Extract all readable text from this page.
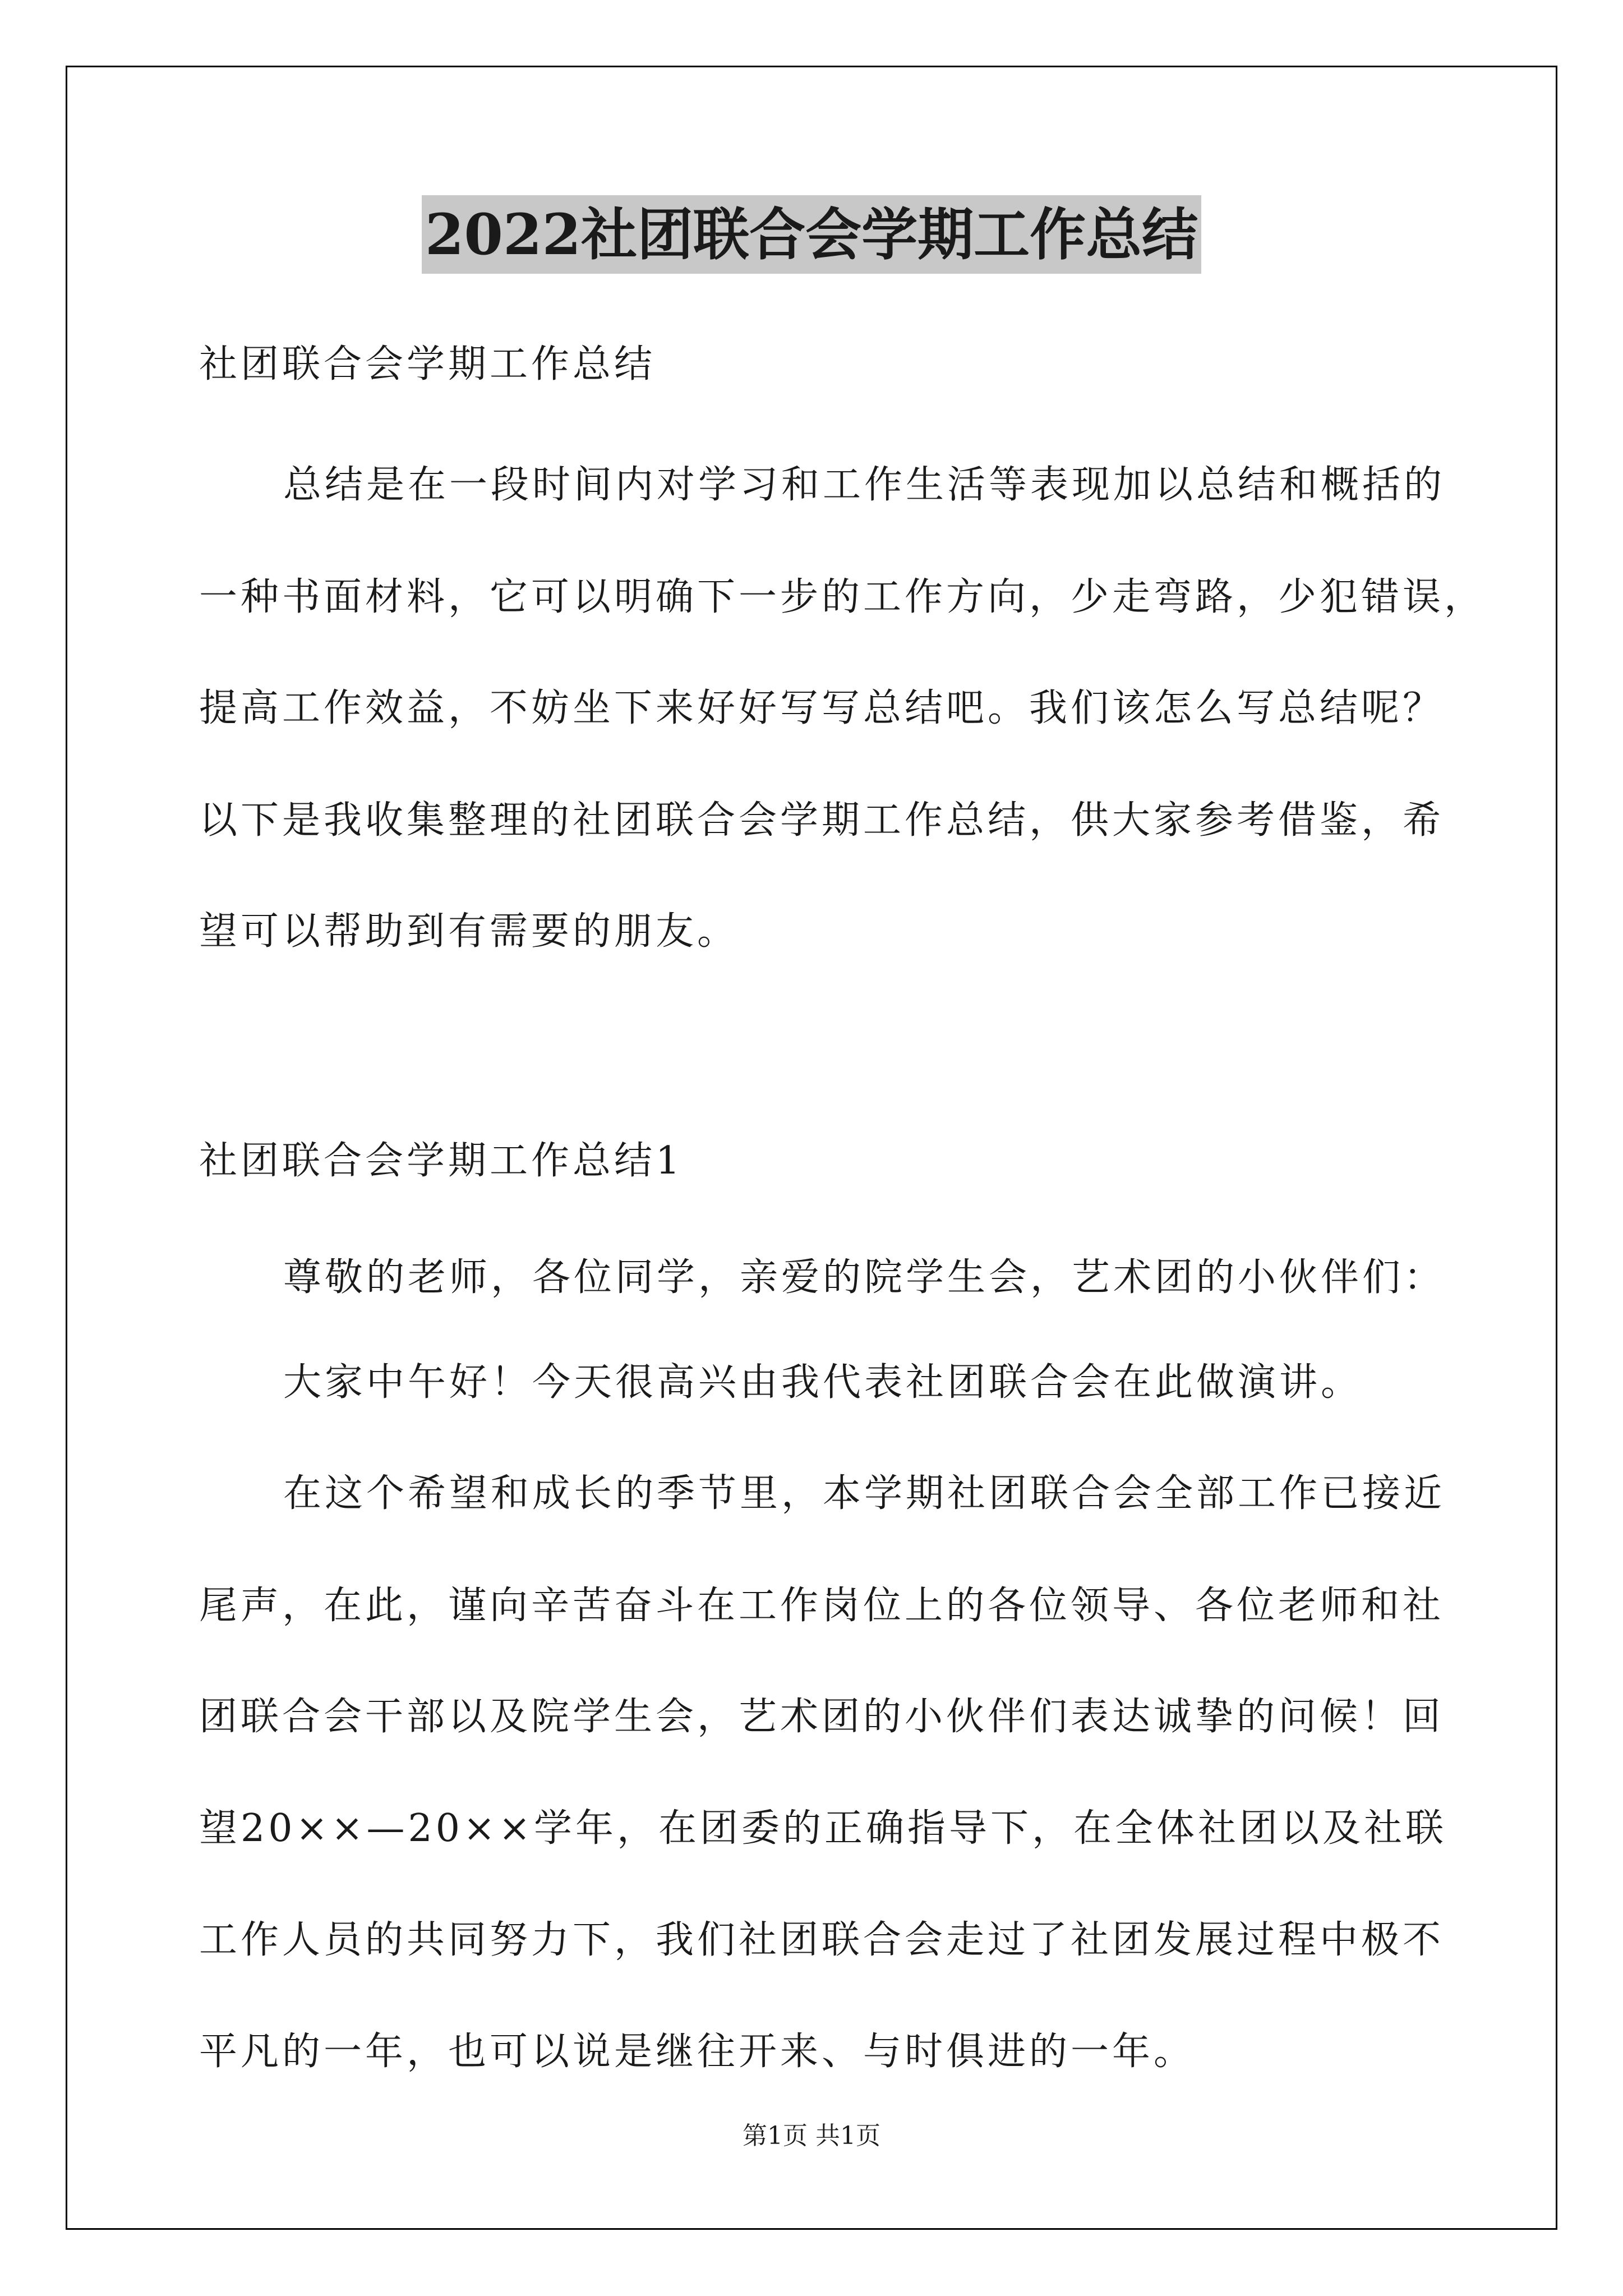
2022社团联合会学期工作总结
社团联合会学期工作总结
总结是在一段时间内对学习和工作生活等表现加以总结和概括的
一种书面材料，它可以明确下一步的工作方向，少走弯路，少犯错误，
提高工作效益，不妨坐下来好好写写总结吧。我们该怎么写总结呢？
以下是我收集整理的社团联合会学期工作总结，供大家参考借鉴，希
望可以帮助到有需要的朋友。
社团联合会学期工作总结1
尊敬的老师，各位同学，亲爱的院学生会，艺术团的小伙伴们：
大家中午好！今天很高兴由我代表社团联合会在此做演讲。
在这个希望和成长的季节里，本学期社团联合会全部工作已接近
尾声，在此，谨向辛苦奋斗在工作岗位上的各位领导、各位老师和社
团联合会干部以及院学生会，艺术团的小伙伴们表达诚挚的问候！回
望20××—20××学年，在团委的正确指导下，在全体社团以及社联
工作人员的共同努力下，我们社团联合会走过了社团发展过程中极不
平凡的一年，也可以说是继往开来、与时俱进的一年。
第1页 共1页
